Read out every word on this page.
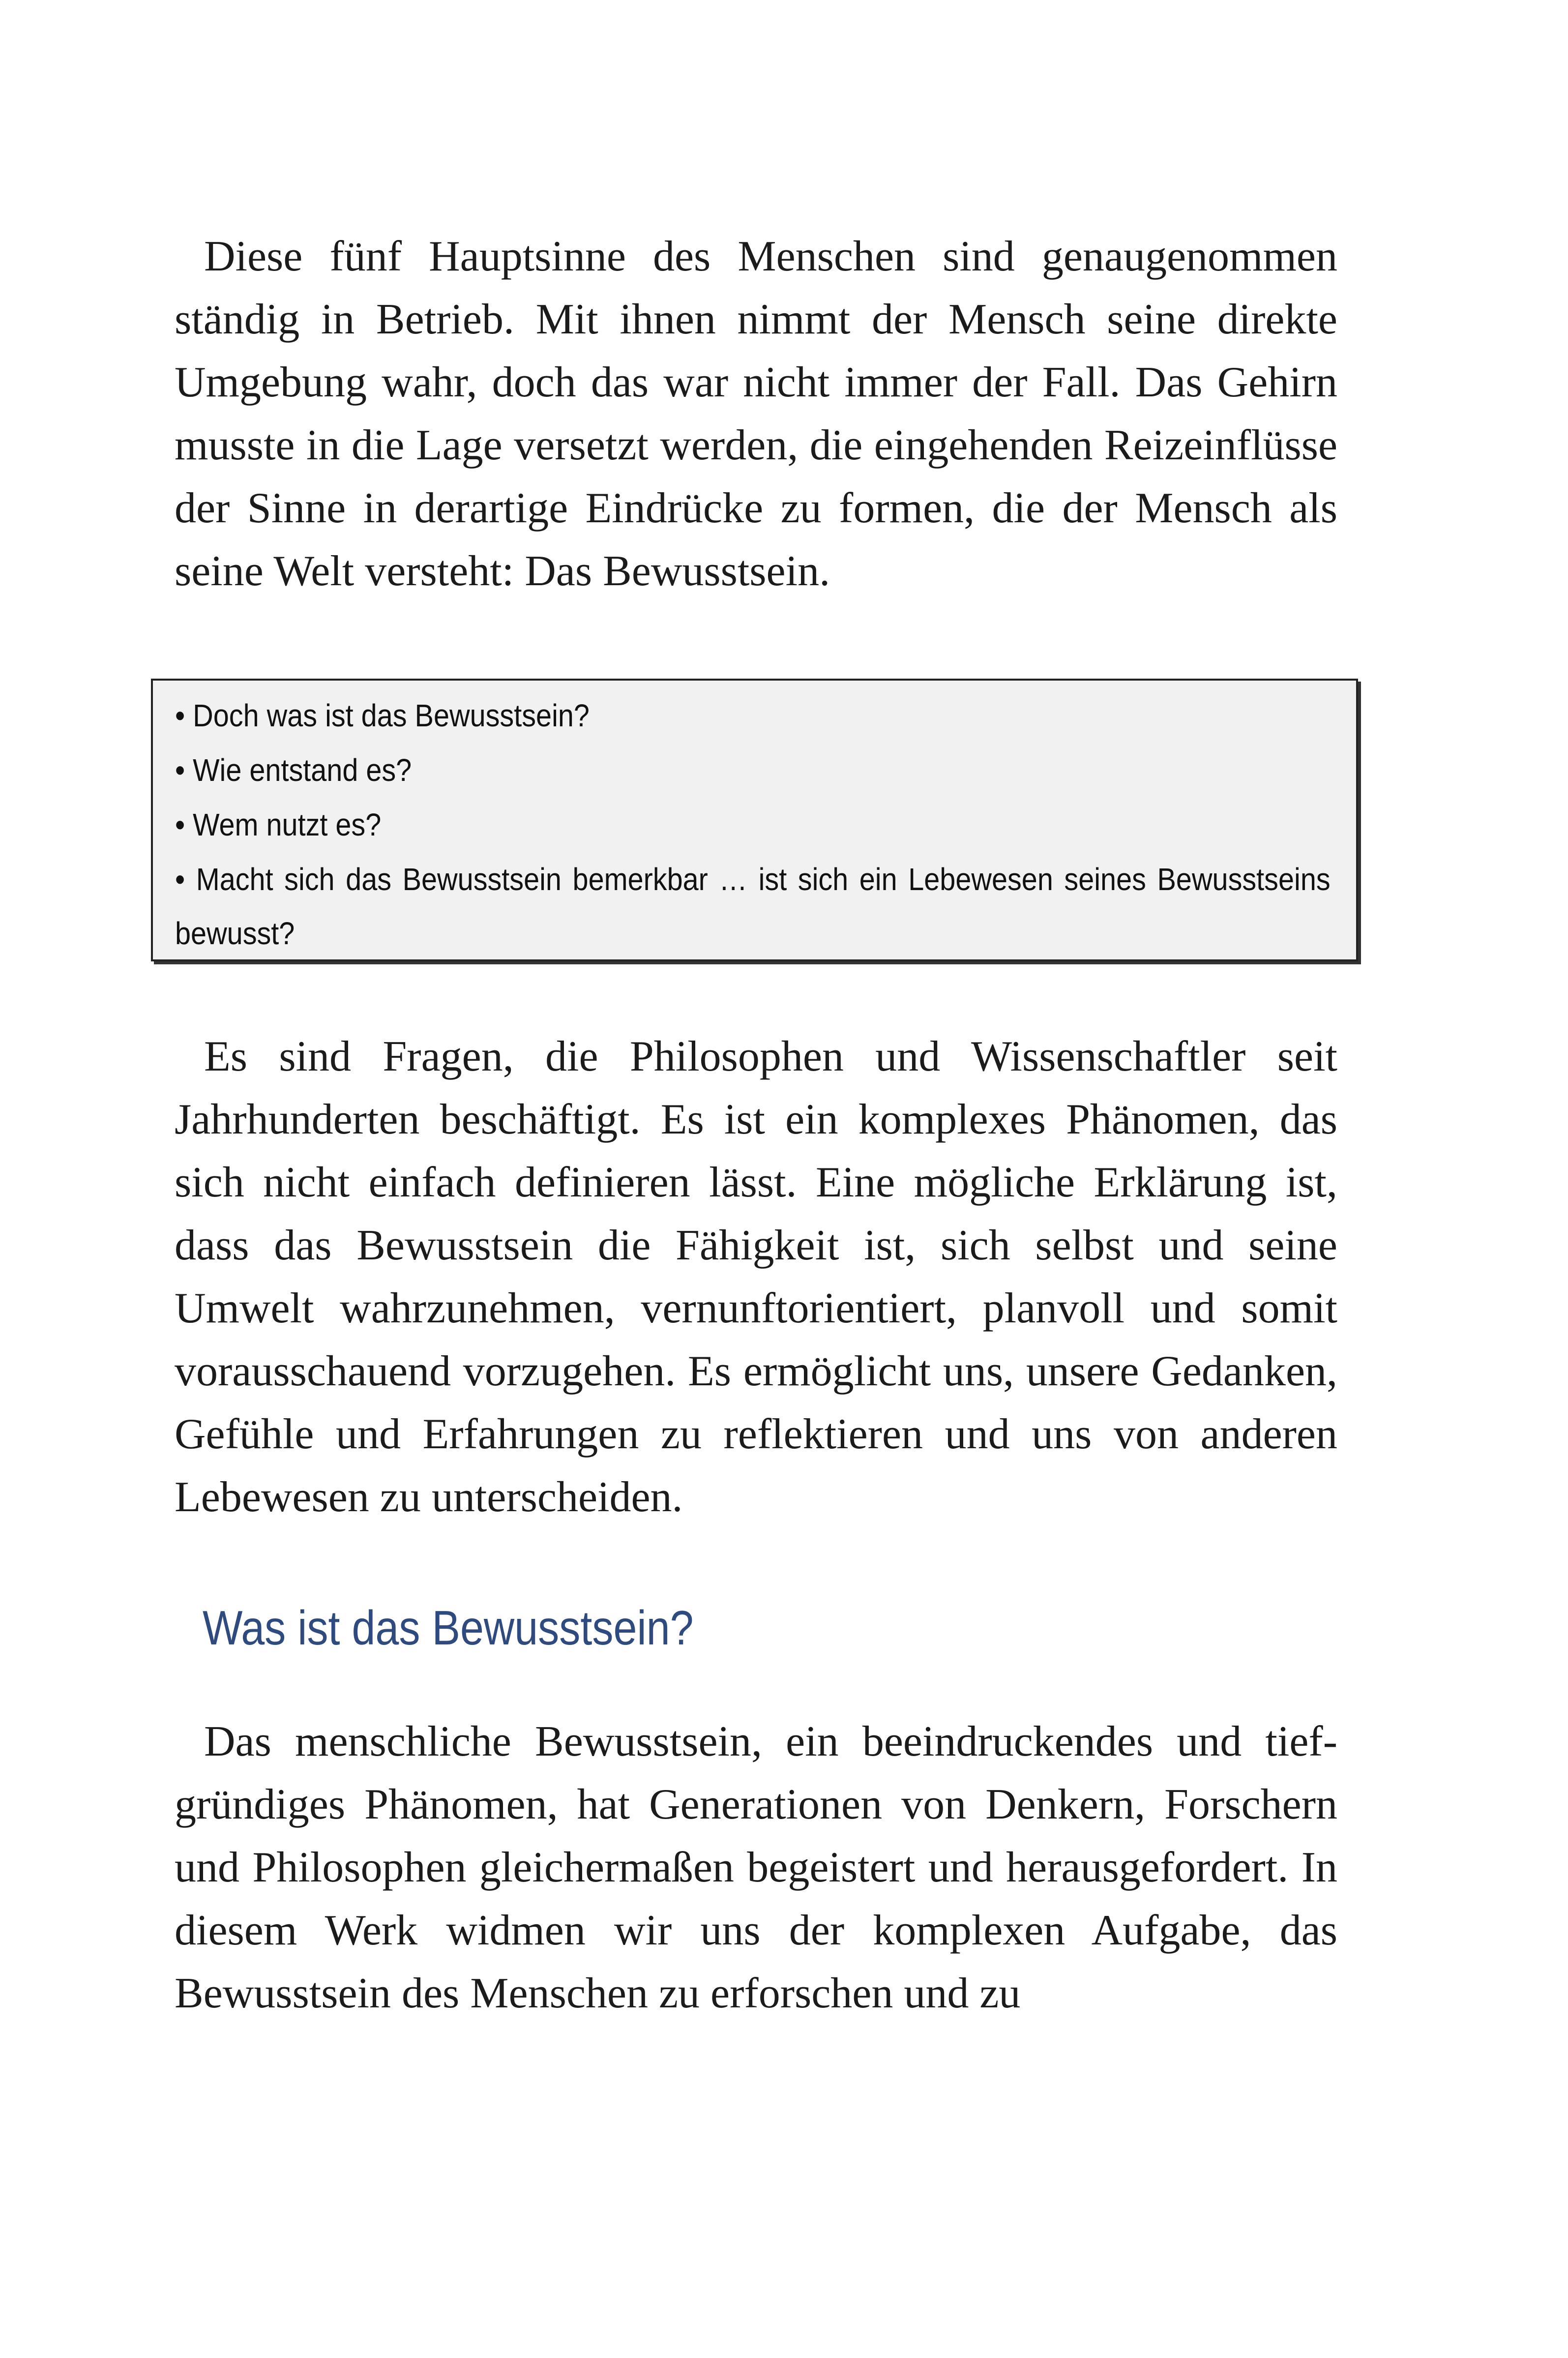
Diese fünf Hauptsinne des Menschen sind genaugenommen ständig in Betrieb. Mit ihnen nimmt der Mensch seine direkte Umgebung wahr, doch das war nicht immer der Fall. Das Gehirn musste in die Lage versetzt werden, die eingehenden Reizeinflüsse der Sinne in derartige Eindrücke zu formen, die der Mensch als seine Welt versteht: Das Bewusstsein.

• Doch was ist das Bewusstsein?

• Wie entstand es?

• Wem nutzt es?

• Macht sich das Bewusstsein bemerkbar … ist sich ein Lebewesen seines Bewusstseins bewusst?

Es sind Fragen, die Philosophen und Wissenschaftler seit Jahrhunderten beschäftigt. Es ist ein komplexes Phänomen, das sich nicht einfach definieren lässt. Eine mögliche Erklärung ist, dass das Bewusstsein die Fähigkeit ist, sich selbst und seine Umwelt wahrzunehmen, vernunftorientiert, planvoll und somit vorausschauend vorzugehen. Es ermöglicht uns, unsere Gedanken, Gefühle und Erfahrungen zu reflektieren und uns von anderen Lebewesen zu unterscheiden.

Was ist das Bewusstsein?

Das menschliche Bewusstsein, ein beeindruckendes und tiefgründiges Phänomen, hat Generationen von Denkern, Forschern und Philosophen gleichermaßen begeistert und herausgefordert. In diesem Werk widmen wir uns der komplexen Aufgabe, das Bewusstsein des Menschen zu erforschen und zu
